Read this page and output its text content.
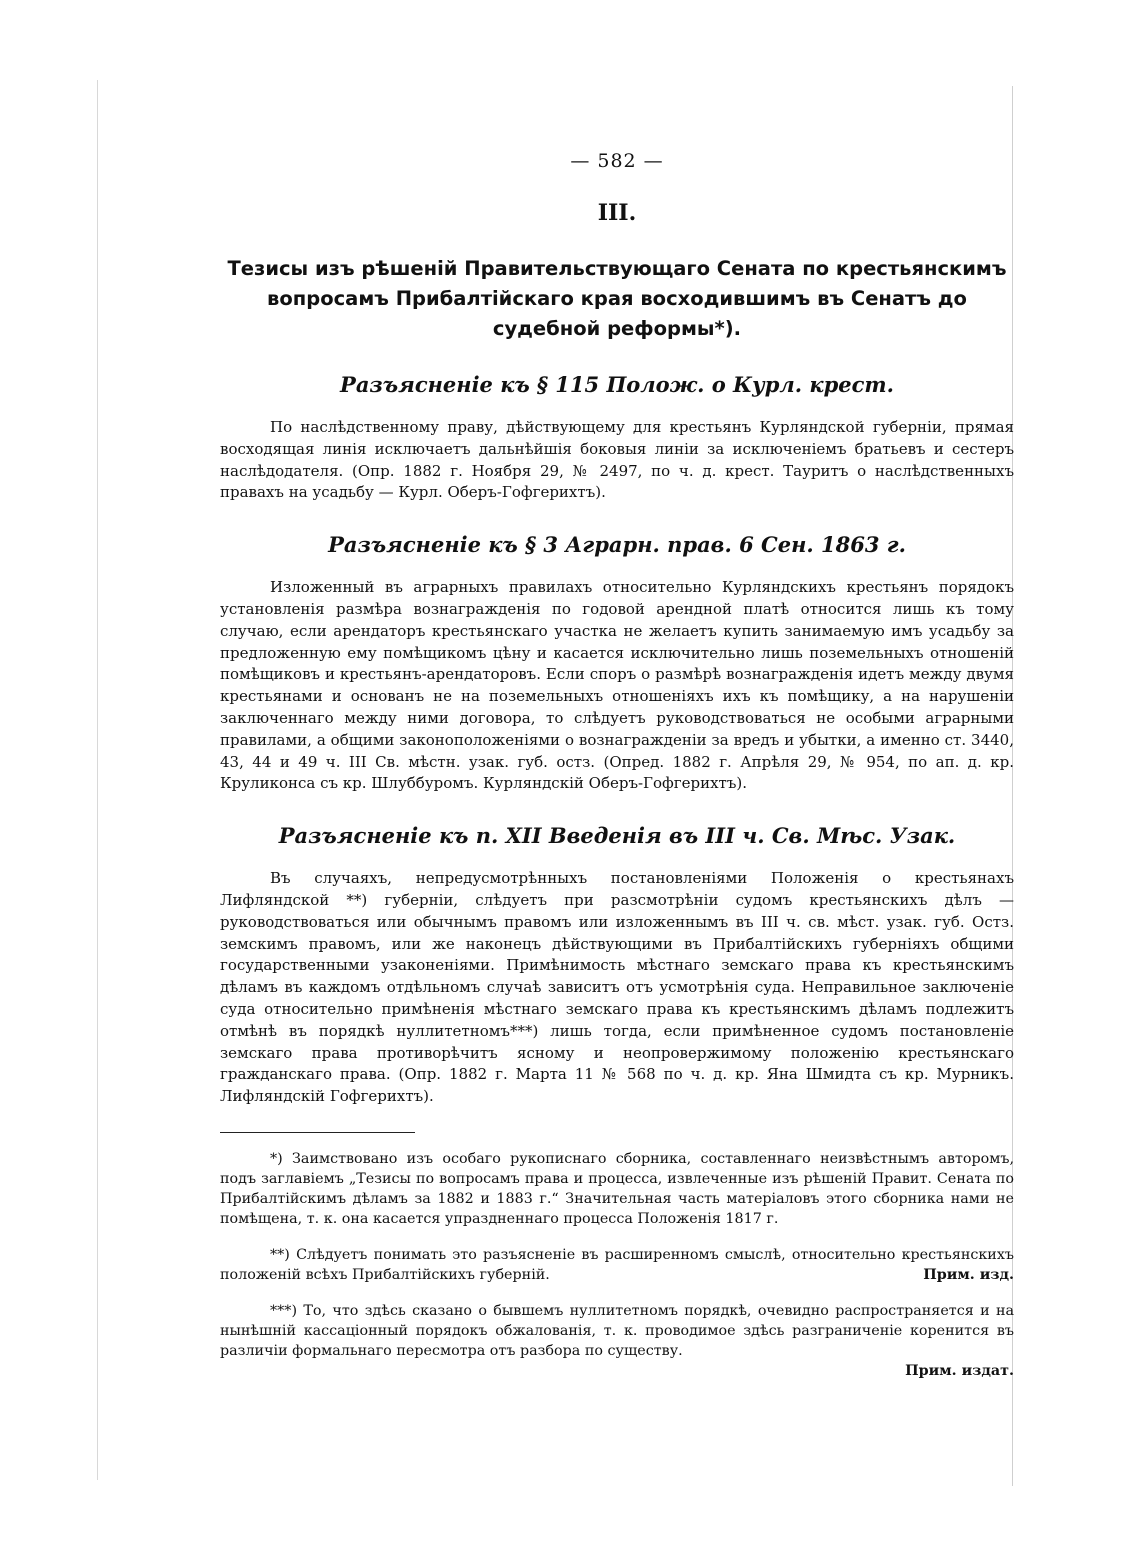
— 582 —

III.

Тезисы изъ рѣшеній Правительствующаго Сената по крестьянскимъ вопросамъ Прибалтійскаго края восходившимъ въ Сенатъ до судебной реформы*).

Разъясненіе къ § 115 Полож. о Курл. крест.

По наслѣдственному праву, дѣйствующему для крестьянъ Курляндской губерніи, прямая восходящая линія исключаетъ дальнѣйшія боковыя линіи за исключеніемъ братьевъ и сестеръ наслѣдодателя. (Опр. 1882 г. Ноября 29, № 2497, по ч. д. крест. Тауритъ о наслѣдственныхъ правахъ на усадьбу — Курл. Оберъ-Гофгерихтъ).

Разъясненіе къ § 3 Аграрн. прав. 6 Сен. 1863 г.

Изложенный въ аграрныхъ правилахъ относительно Курляндскихъ крестьянъ порядокъ установленія размѣра вознагражденія по годовой арендной платѣ относится лишь къ тому случаю, если арендаторъ крестьянскаго участка не желаетъ купить занимаемую имъ усадьбу за предложенную ему помѣщикомъ цѣну и касается исключительно лишь поземельныхъ отношеній помѣщиковъ и крестьянъ-арендаторовъ. Если споръ о размѣрѣ вознагражденія идетъ между двумя крестьянами и основанъ не на поземельныхъ отношеніяхъ ихъ къ помѣщику, а на нарушеніи заключеннаго между ними договора, то слѣдуетъ руководствоваться не особыми аграрными правилами, а общими законоположеніями о вознагражденіи за вредъ и убытки, а именно ст. 3440, 43, 44 и 49 ч. III Св. мѣстн. узак. губ. остз. (Опред. 1882 г. Апрѣля 29, № 954, по ап. д. кр. Круликонса съ кр. Шлуббуромъ. Курляндскій Оберъ-Гофгерихтъ).

Разъясненіе къ п. XII Введенія въ III ч. Св. Мѣс. Узак.

Въ случаяхъ, непредусмотрѣнныхъ постановленіями Положенія о крестьянахъ Лифляндской **) губерніи, слѣдуетъ при разсмотрѣніи судомъ крестьянскихъ дѣлъ — руководствоваться или обычнымъ правомъ или изложеннымъ въ III ч. св. мѣст. узак. губ. Остз. земскимъ правомъ, или же наконецъ дѣйствующими въ Прибалтійскихъ губерніяхъ общими государственными узаконеніями. Примѣнимость мѣстнаго земскаго права къ крестьянскимъ дѣламъ въ каждомъ отдѣльномъ случаѣ зависитъ отъ усмотрѣнія суда. Неправильное заключеніе суда относительно примѣненія мѣстнаго земскаго права къ крестьянскимъ дѣламъ подлежитъ отмѣнѣ въ порядкѣ нуллитетномъ***) лишь тогда, если примѣненное судомъ постановленіе земскаго права противорѣчитъ ясному и неопровержимому положенію крестьянскаго гражданскаго права. (Опр. 1882 г. Марта 11 № 568 по ч. д. кр. Яна Шмидта съ кр. Мурникъ. Лифляндскій Гофгерихтъ).

*) Заимствовано изъ особаго рукописнаго сборника, составленнаго неизвѣстнымъ авторомъ, подъ заглавіемъ „Тезисы по вопросамъ права и процесса, извлеченные изъ рѣшеній Правит. Сената по Прибалтійскимъ дѣламъ за 1882 и 1883 г.“ Значительная часть матеріаловъ этого сборника нами не помѣщена, т. к. она касается упраздненнаго процесса Положенія 1817 г.

**) Слѣдуетъ понимать это разъясненіе въ расширенномъ смыслѣ, относительно крестьянскихъ положеній всѣхъ Прибалтійскихъ губерній.	Прим. изд.

***) То, что здѣсь сказано о бывшемъ нуллитетномъ порядкѣ, очевидно распространяется и на нынѣшній кассаціонный порядокъ обжалованія, т. к. проводимое здѣсь разграниченіе коренится въ различіи формальнаго пересмотра отъ разбора по существу.

Прим. издат.
